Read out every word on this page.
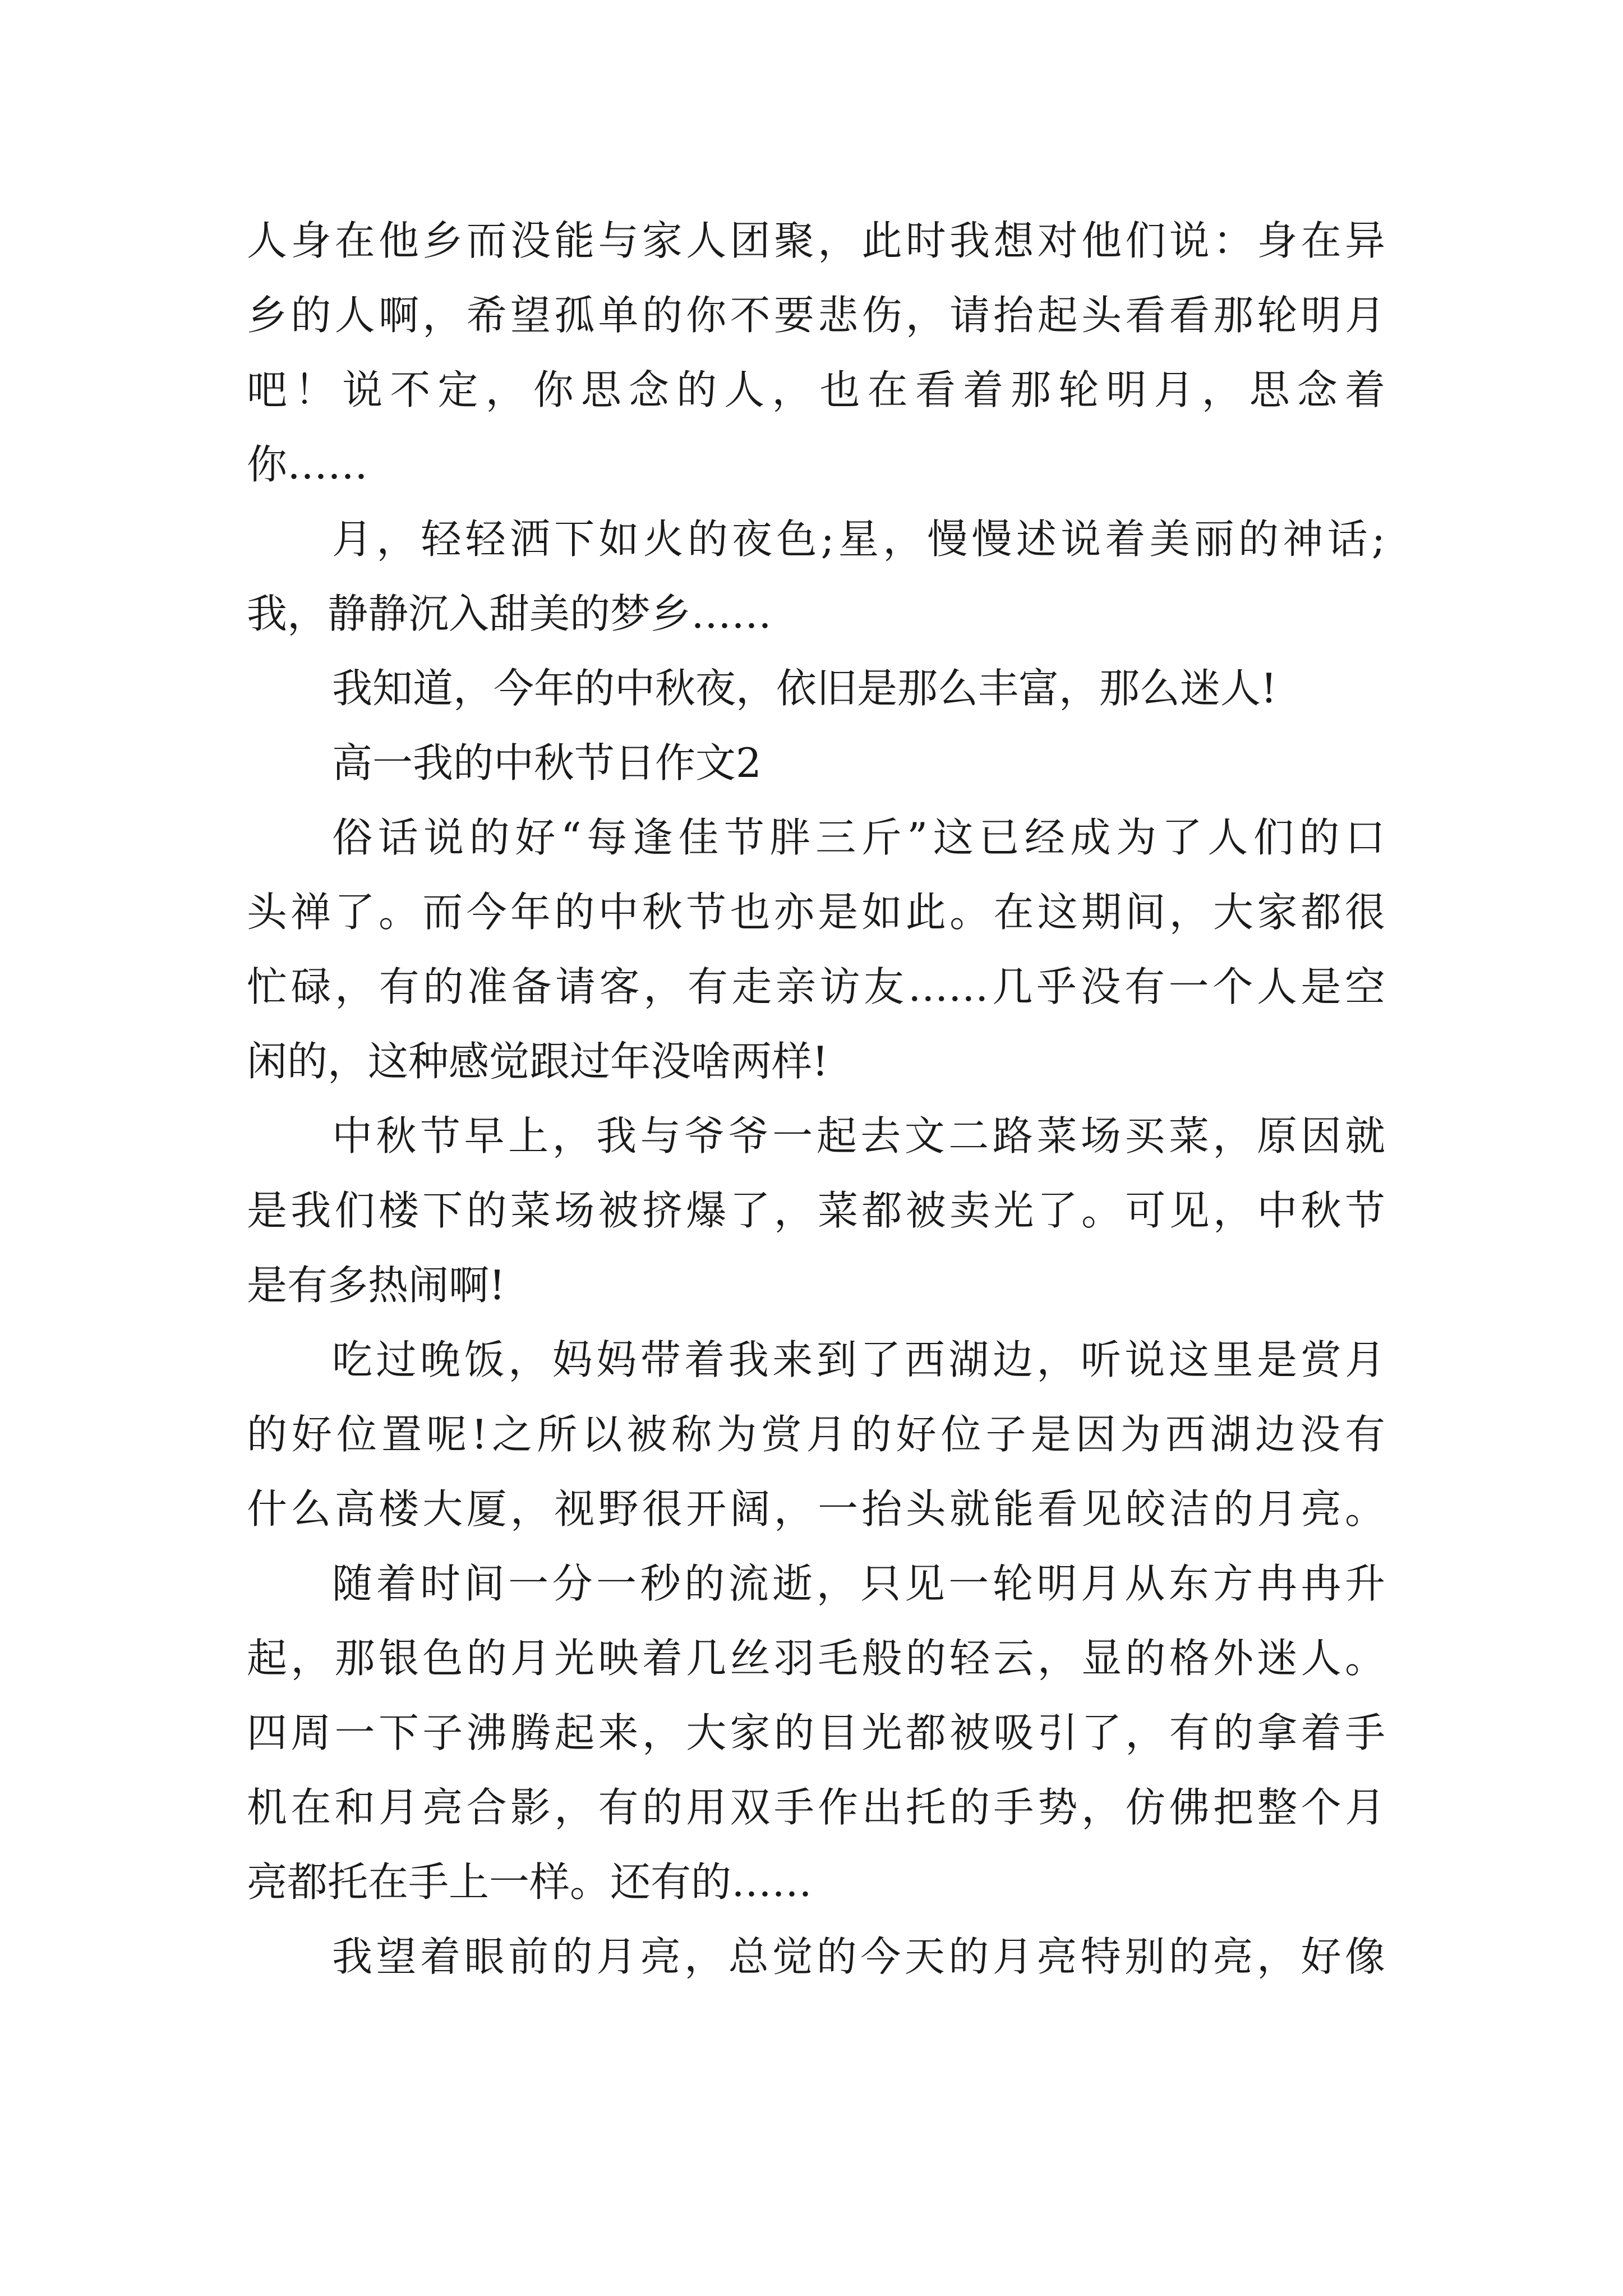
人身在他乡而没能与家人团聚，此时我想对他们说：身在异
乡的人啊，希望孤单的你不要悲伤，请抬起头看看那轮明月
吧！说不定，你思念的人，也在看着那轮明月，思念着
你……
月，轻轻洒下如火的夜色;星，慢慢述说着美丽的神话;
我，静静沉入甜美的梦乡……
我知道，今年的中秋夜，依旧是那么丰富，那么迷人!
高一我的中秋节日作文2
俗话说的好“每逢佳节胖三斤”这已经成为了人们的口
头禅了。而今年的中秋节也亦是如此。在这期间，大家都很
忙碌，有的准备请客，有走亲访友……几乎没有一个人是空
闲的，这种感觉跟过年没啥两样!
中秋节早上，我与爷爷一起去文二路菜场买菜，原因就
是我们楼下的菜场被挤爆了，菜都被卖光了。可见，中秋节
是有多热闹啊!
吃过晚饭，妈妈带着我来到了西湖边，听说这里是赏月
的好位置呢!之所以被称为赏月的好位子是因为西湖边没有
什么高楼大厦，视野很开阔，一抬头就能看见皎洁的月亮。
随着时间一分一秒的流逝，只见一轮明月从东方冉冉升
起，那银色的月光映着几丝羽毛般的轻云，显的格外迷人。
四周一下子沸腾起来，大家的目光都被吸引了，有的拿着手
机在和月亮合影，有的用双手作出托的手势，仿佛把整个月
亮都托在手上一样。还有的……
我望着眼前的月亮，总觉的今天的月亮特别的亮，好像
